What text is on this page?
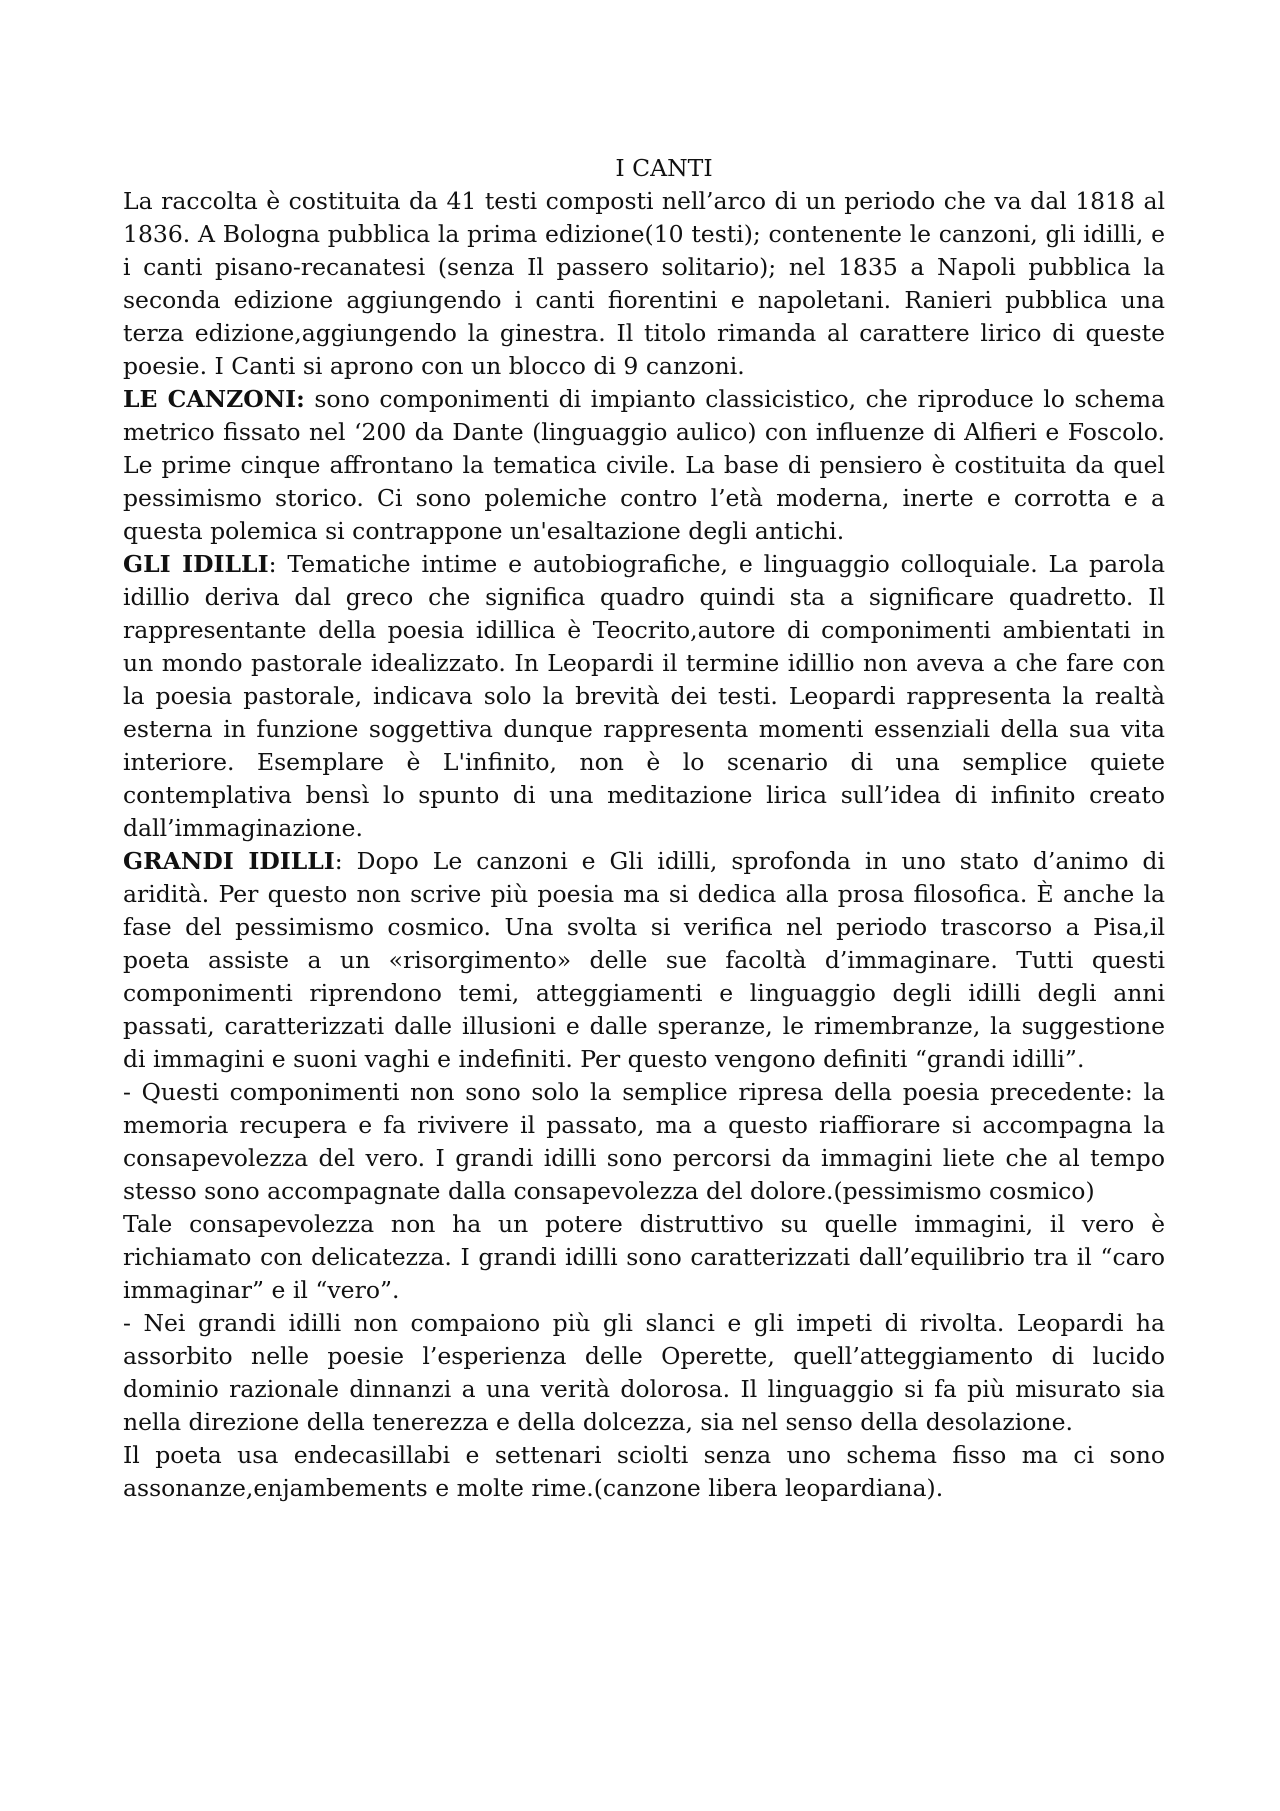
I CANTI

La raccolta è costituita da 41 testi composti nell’arco di un periodo che va dal 1818 al 1836. A Bologna pubblica la prima edizione(10 testi); contenente le canzoni, gli idilli, e i canti pisano-recanatesi (senza Il passero solitario); nel 1835 a Napoli pubblica la seconda edizione aggiungendo i canti fiorentini e napoletani. Ranieri pubblica una terza edizione,aggiungendo la ginestra. Il titolo rimanda al carattere lirico di queste poesie. I Canti si aprono con un blocco di 9 canzoni.

LE CANZONI: sono componimenti di impianto classicistico, che riproduce lo schema metrico fissato nel ‘200 da Dante (linguaggio aulico) con influenze di Alfieri e Foscolo. Le prime cinque affrontano la tematica civile. La base di pensiero è costituita da quel pessimismo storico. Ci sono polemiche contro l’età moderna, inerte e corrotta e a questa polemica si contrappone un'esaltazione degli antichi.

GLI IDILLI: Tematiche intime e autobiografiche, e linguaggio colloquiale. La parola idillio deriva dal greco che significa quadro quindi sta a significare quadretto. Il rappresentante della poesia idillica è Teocrito,autore di componimenti ambientati in un mondo pastorale idealizzato. In Leopardi il termine idillio non aveva a che fare con la poesia pastorale, indicava solo la brevità dei testi. Leopardi rappresenta la realtà esterna in funzione soggettiva dunque rappresenta momenti essenziali della sua vita interiore. Esemplare è L'infinito, non è lo scenario di una semplice quiete contemplativa bensì lo spunto di una meditazione lirica sull’idea di infinito creato dall’immaginazione.

GRANDI IDILLI: Dopo Le canzoni e Gli idilli, sprofonda in uno stato d’animo di aridità. Per questo non scrive più poesia ma si dedica alla prosa filosofica. È anche la fase del pessimismo cosmico. Una svolta si verifica nel periodo trascorso a Pisa,il poeta assiste a un «risorgimento» delle sue facoltà d’immaginare. Tutti questi componimenti riprendono temi, atteggiamenti e linguaggio degli idilli degli anni passati, caratterizzati dalle illusioni e dalle speranze, le rimembranze, la suggestione di immagini e suoni vaghi e indefiniti. Per questo vengono definiti “grandi idilli”.

- Questi componimenti non sono solo la semplice ripresa della poesia precedente: la memoria recupera e fa rivivere il passato, ma a questo riaffiorare si accompagna la consapevolezza del vero. I grandi idilli sono percorsi da immagini liete che al tempo stesso sono accompagnate dalla consapevolezza del dolore.(pessimismo cosmico)

Tale consapevolezza non ha un potere distruttivo su quelle immagini, il vero è richiamato con delicatezza. I grandi idilli sono caratterizzati dall’equilibrio tra il “caro immaginar” e il “vero”.

- Nei grandi idilli non compaiono più gli slanci e gli impeti di rivolta. Leopardi ha assorbito nelle poesie l’esperienza delle Operette, quell’atteggiamento di lucido dominio razionale dinnanzi a una verità dolorosa. Il linguaggio si fa più misurato sia nella direzione della tenerezza e della dolcezza, sia nel senso della desolazione.

Il poeta usa endecasillabi e settenari sciolti senza uno schema fisso ma ci sono assonanze,enjambements e molte rime.(canzone libera leopardiana).
